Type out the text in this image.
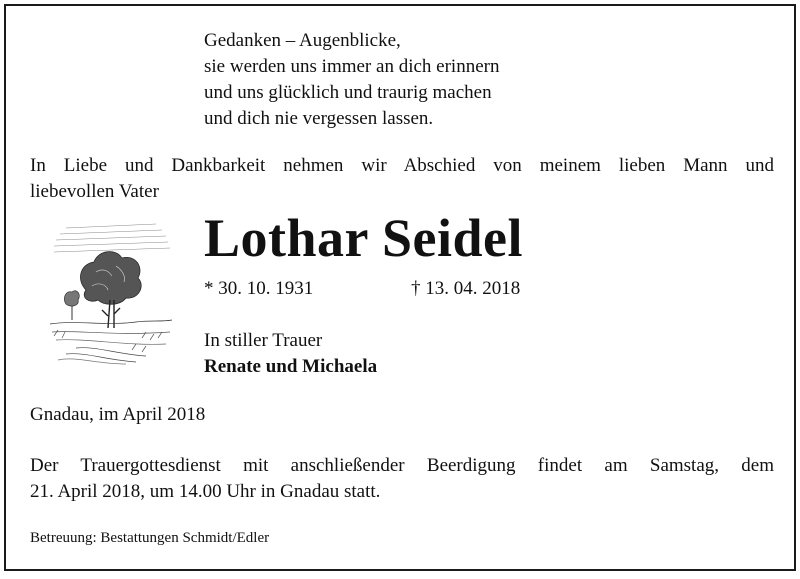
Gedanken – Augenblicke,
sie werden uns immer an dich erinnern
und uns glücklich und traurig machen
und dich nie vergessen lassen.
In Liebe und Dankbarkeit nehmen wir Abschied von meinem lieben Mann und
liebevollen Vater
Lothar Seidel
* 30. 10. 1931	† 13. 04. 2018
In stiller Trauer
Renate und Michaela
Gnadau, im April 2018
Der Trauergottesdienst mit anschließender Beerdigung findet am Samstag, dem
21. April 2018, um 14.00 Uhr in Gnadau statt.
Betreuung: Bestattungen Schmidt/Edler
